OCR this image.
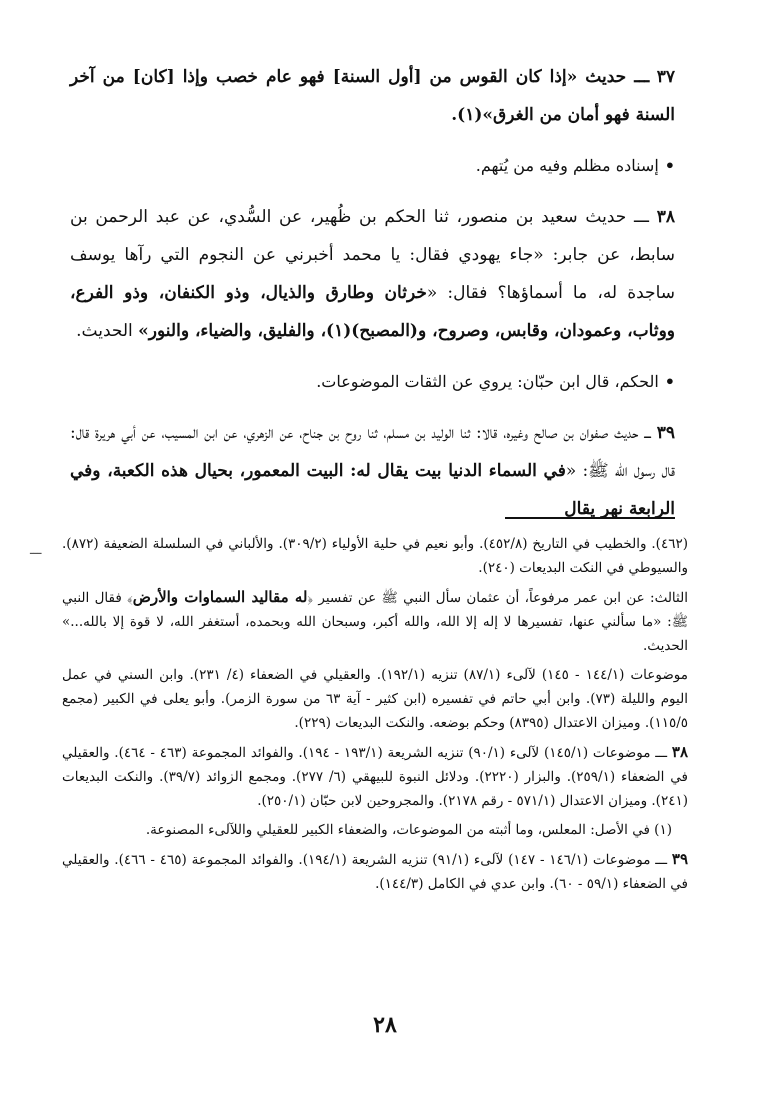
٣٧ ـــ حديث «إذا كان القوس من [أول السنة] فهو عام خصب وإذا [كان] من آخر السنة فهو أمان من الغرق»(١).

•إسناده مظلم وفيه من يُتهم.

٣٨ ـــ حديث سعيد بن منصور، ثنا الحكم بن ظُهير، عن السُّدي، عن عبد الرحمن بن سابط، عن جابر: «جاء يهودي فقال: يا محمد أخبرني عن النجوم التي رآها يوسف ساجدة له، ما أسماؤها؟ فقال: «خرثان وطارق والذيال، وذو الكنفان، وذو الفرع، ووثاب، وعمودان، وقابس، وصروح، و(المصبح)(١)، والفليق، والضياء، والنور» الحديث.

•الحكم، قال ابن حبّان: يروي عن الثقات الموضوعات.

٣٩ ـــ حديث صفوان بن صالح وغيره، قالا: ثنا الوليد بن مسلم، ثنا روح بن جناح، عن الزهري، عن ابن المسيب، عن أبي هريرة قال: قال رسول الله ﷺ: «في السماء الدنيا بيت يقال له: البيت المعمور، بحيال هذه الكعبة، وفي الرابعة نهر يقال

ـــ (٤٦٢). والخطيب في التاريخ (٤٥٢/٨). وأبو نعيم في حلية الأولياء (٣٠٩/٢). والألباني في السلسلة الضعيفة (٨٧٢). والسيوطي في النكت البديعات (٢٤٠).

الثالث: عن ابن عمر مرفوعاً، أن عثمان سأل النبي ﷺ عن تفسير ﴿له مقاليد السماوات والأرض﴾ فقال النبي ﷺ: «ما سألني عنها، تفسيرها لا إله إلا الله، والله أكبر، وسبحان الله وبحمده، أستغفر الله، لا قوة إلا بالله...» الحديث.

موضوعات (١٤٤/١ - ١٤٥) لآلىء (٨٧/١) تنزيه (١٩٢/١). والعقيلي في الضعفاء (٤/ ٢٣١). وابن السني في عمل اليوم والليلة (٧٣). وابن أبي حاتم في تفسيره (ابن كثير - آية ٦٣ من سورة الزمر). وأبو يعلى في الكبير (مجمع ١١٥/٥). وميزان الاعتدال (٨٣٩٥) وحكم بوضعه. والنكت البديعات (٢٢٩).

٣٨ ـــ موضوعات (١٤٥/١) لآلىء (٩٠/١) تنزيه الشريعة (١٩٣/١ - ١٩٤). والفوائد المجموعة (٤٦٣ - ٤٦٤). والعقيلي في الضعفاء (٢٥٩/١). والبزار (٢٢٢٠). ودلائل النبوة للبيهقي (٦/ ٢٧٧). ومجمع الزوائد (٣٩/٧). والنكت البديعات (٢٤١). وميزان الاعتدال (٥٧١/١ - رقم ٢١٧٨). والمجروحين لابن حبّان (٢٥٠/١).

(١) في الأصل: المعلس، وما أثبته من الموضوعات، والضعفاء الكبير للعقيلي واللآلىء المصنوعة.

٣٩ ـــ موضوعات (١٤٦/١ - ١٤٧) لآلىء (٩١/١) تنزيه الشريعة (١٩٤/١). والفوائد المجموعة (٤٦٥ - ٤٦٦). والعقيلي في الضعفاء (٥٩/١ - ٦٠). وابن عدي في الكامل (١٤٤/٣).

٢٨
